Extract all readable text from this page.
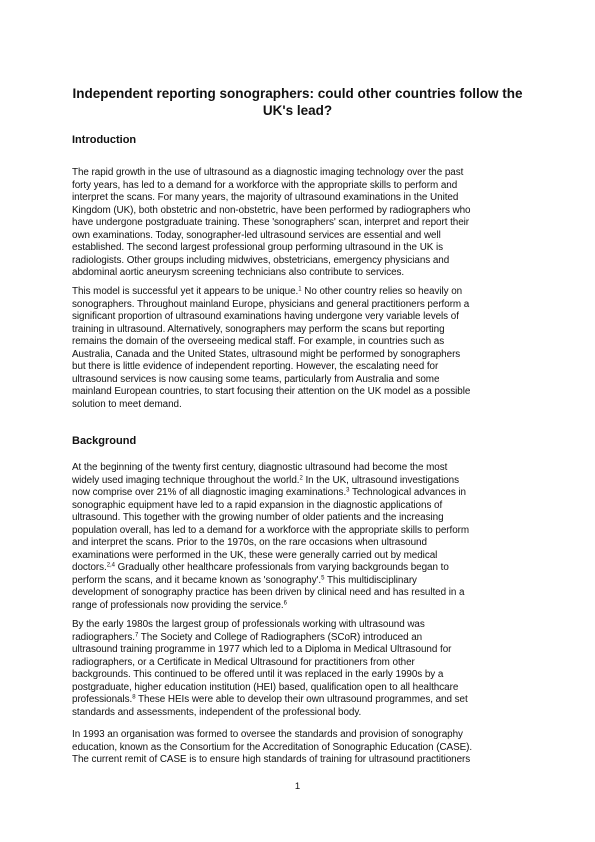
Independent reporting sonographers: could other countries follow the UK's lead?
Introduction

The rapid growth in the use of ultrasound as a diagnostic imaging technology over the past
forty years, has led to a demand for a workforce with the appropriate skills to perform and
interpret the scans. For many years, the majority of ultrasound examinations in the United
Kingdom (UK), both obstetric and non-obstetric, have been performed by radiographers who
have undergone postgraduate training. These 'sonographers' scan, interpret and report their
own examinations. Today, sonographer-led ultrasound services are essential and well
established. The second largest professional group performing ultrasound in the UK is
radiologists. Other groups including midwives, obstetricians, emergency physicians and
abdominal aortic aneurysm screening technicians also contribute to services.

This model is successful yet it appears to be unique.$^1$ No other country relies so heavily on
sonographers. Throughout mainland Europe, physicians and general practitioners perform a
significant proportion of ultrasound examinations having undergone very variable levels of
training in ultrasound. Alternatively, sonographers may perform the scans but reporting
remains the domain of the overseeing medical staff. For example, in countries such as
Australia, Canada and the United States, ultrasound might be performed by sonographers
but there is little evidence of independent reporting. However, the escalating need for
ultrasound services is now causing some teams, particularly from Australia and some
mainland European countries, to start focusing their attention on the UK model as a possible
solution to meet demand.

Background

At the beginning of the twenty first century, diagnostic ultrasound had become the most
widely used imaging technique throughout the world.$^2$ In the UK, ultrasound investigations
now comprise over 21% of all diagnostic imaging examinations.$^3$ Technological advances in
sonographic equipment have led to a rapid expansion in the diagnostic applications of
ultrasound. This together with the growing number of older patients and the increasing
population overall, has led to a demand for a workforce with the appropriate skills to perform
and interpret the scans. Prior to the 1970s, on the rare occasions when ultrasound
examinations were performed in the UK, these were generally carried out by medical
doctors.$^{2,4}$ Gradually other healthcare professionals from varying backgrounds began to
perform the scans, and it became known as 'sonography'.$^5$ This multidisciplinary
development of sonography practice has been driven by clinical need and has resulted in a
range of professionals now providing the service.$^6$

By the early 1980s the largest group of professionals working with ultrasound was
radiographers.$^7$ The Society and College of Radiographers (SCoR) introduced an
ultrasound training programme in 1977 which led to a Diploma in Medical Ultrasound for
radiographers, or a Certificate in Medical Ultrasound for practitioners from other
backgrounds. This continued to be offered until it was replaced in the early 1990s by a
postgraduate, higher education institution (HEI) based, qualification open to all healthcare
professionals.$^8$ These HEIs were able to develop their own ultrasound programmes, and set
standards and assessments, independent of the professional body.

In 1993 an organisation was formed to oversee the standards and provision of sonography
education, known as the Consortium for the Accreditation of Sonographic Education (CASE).
The current remit of CASE is to ensure high standards of training for ultrasound practitioners

1
